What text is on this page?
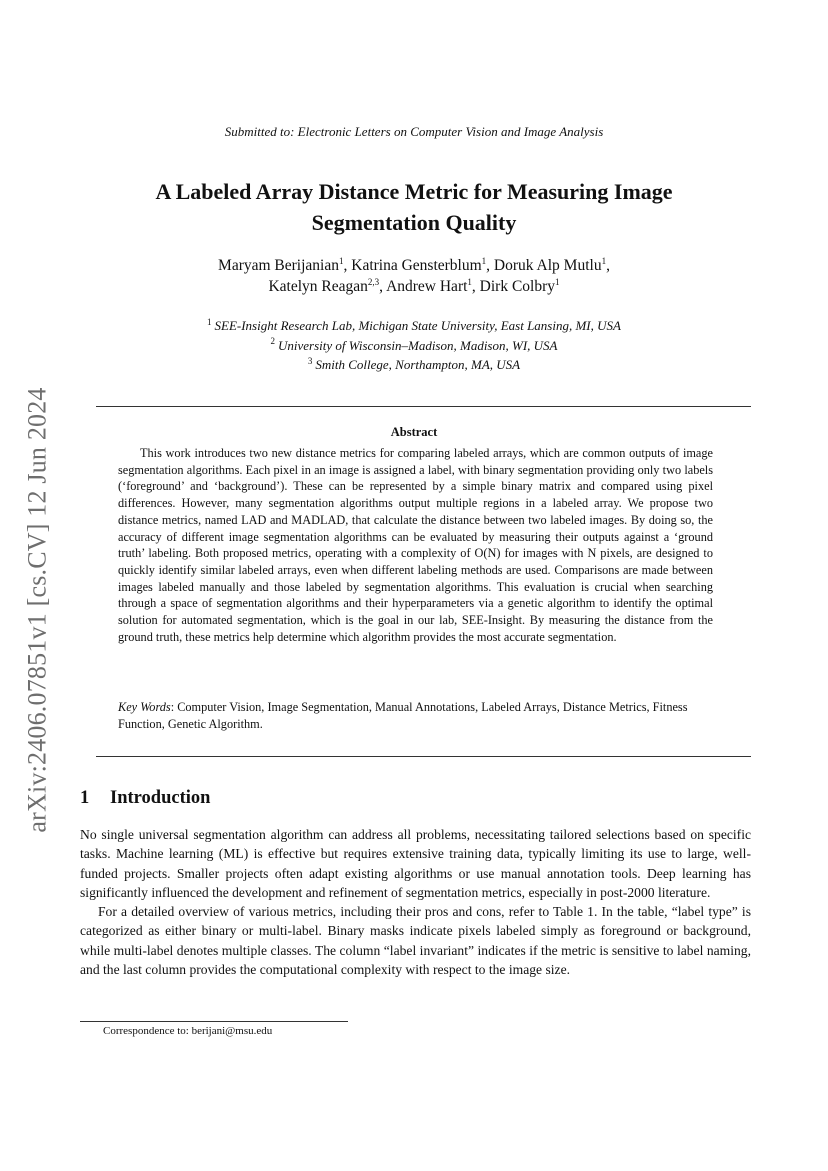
arXiv:2406.07851v1 [cs.CV] 12 Jun 2024
Submitted to: Electronic Letters on Computer Vision and Image Analysis
A Labeled Array Distance Metric for Measuring Image
Segmentation Quality
Maryam Berijanian$^1$, Katrina Gensterblum$^1$, Doruk Alp Mutlu$^1$,
Katelyn Reagan$^{2,3}$, Andrew Hart$^1$, Dirk Colbry$^1$
$^1$ SEE-Insight Research Lab, Michigan State University, East Lansing, MI, USA
$^2$ University of Wisconsin–Madison, Madison, WI, USA
$^3$ Smith College, Northampton, MA, USA
Abstract

This work introduces two new distance metrics for comparing labeled arrays, which are common outputs of image segmentation algorithms. Each pixel in an image is assigned a label, with binary segmentation providing only two labels (‘foreground’ and ‘background’). These can be represented by a simple binary matrix and compared using pixel differences. However, many segmentation algorithms output multiple regions in a labeled array. We propose two distance metrics, named LAD and MADLAD, that calculate the distance between two labeled images. By doing so, the accuracy of different image segmentation algorithms can be evaluated by measuring their outputs against a ‘ground truth’ labeling. Both proposed metrics, operating with a complexity of O(N) for images with N pixels, are designed to quickly identify similar labeled arrays, even when different labeling methods are used. Comparisons are made between images labeled manually and those labeled by segmentation algorithms. This evaluation is crucial when searching through a space of segmentation algorithms and their hyperparameters via a genetic algorithm to identify the optimal solution for automated segmentation, which is the goal in our lab, SEE-Insight. By measuring the distance from the ground truth, these metrics help determine which algorithm provides the most accurate segmentation.

Key Words: Computer Vision, Image Segmentation, Manual Annotations, Labeled Arrays, Distance Metrics, Fitness Function, Genetic Algorithm.

1 Introduction

No single universal segmentation algorithm can address all problems, necessitating tailored selections based on specific tasks. Machine learning (ML) is effective but requires extensive training data, typically limiting its use to large, well-funded projects. Smaller projects often adapt existing algorithms or use manual annotation tools. Deep learning has significantly influenced the development and refinement of segmentation metrics, especially in post-2000 literature.

For a detailed overview of various metrics, including their pros and cons, refer to Table 1. In the table, “label type” is categorized as either binary or multi-label. Binary masks indicate pixels labeled simply as foreground or background, while multi-label denotes multiple classes. The column “label invariant” indicates if the metric is sensitive to label naming, and the last column provides the computational complexity with respect to the image size.

Correspondence to: berijani@msu.edu
